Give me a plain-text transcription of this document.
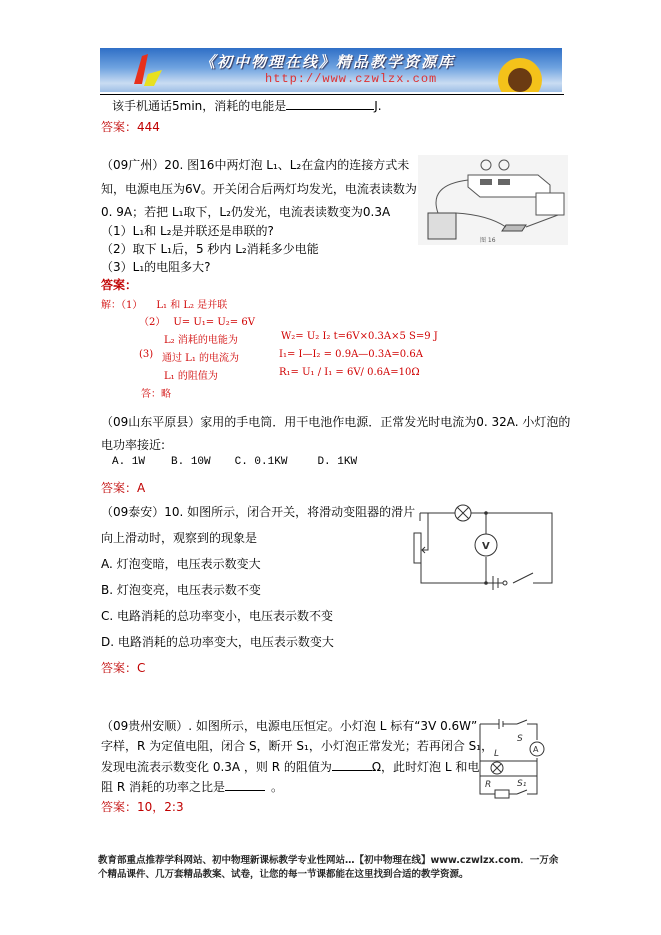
《初中物理在线》精品教学资源库
http://www.czwlzx.com
该手机通话5min，消耗的电能是	J.
答案：444
（09广州）20. 图16中两灯泡 L₁、L₂在盒内的连接方式未
知，电源电压为6V。开关闭合后两灯均发光，电流表读数为
0. 9A；若把 L₁取下，L₂仍发光，电流表读数变为0.3A
（1）L₁和 L₂是并联还是串联的?
（2）取下 L₁后，5 秒内 L₂消耗多少电能
（3）L₁的电阻多大?
答案：
图 16
解：（1） L₁ 和 L₂ 是并联
（2） U= U₁= U₂= 6V
L₂ 消耗的电能为	W₂= U₂ I₂ t=6V×0.3A×5 S=9 J
(3) 通过 L₁ 的电流为	I₁= I—I₂ = 0.9A—0.3A=0.6A
L₁ 的阻值为	R₁= U₁ / I₁ = 6V/ 0.6A=10Ω
答：略
（09山东平原县）家用的手电筒．用干电池作电源．正常发光时电流为0. 32A. 小灯泡的
电功率接近:
A. 1W B. 10W C. 0.1KW	D. 1KW
答案：A
（09泰安）10. 如图所示，闭合开关，将滑动变阻器的滑片
向上滑动时，观察到的现象是
A. 灯泡变暗，电压表示数变大
B. 灯泡变亮，电压表示数不变
C. 电路消耗的总功率变小，电压表示数不变
D. 电路消耗的总功率变大，电压表示数变大
答案：C
V
（09贵州安顺）. 如图所示，电源电压恒定。小灯泡 L 标有“3V 0.6W”
字样，R 为定值电阻，闭合 S，断开 S₁，小灯泡正常发光；若再闭合 S₁，
发现电流表示数变化 0.3A ，则 R 的阻值为	Ω，此时灯泡 L 和电
阻 R 消耗的功率之比是	。
答案：10，2:3
S
A
L
R	S₁
教育部重点推荐学科网站、初中物理新课标教学专业性网站…【初中物理在线】www.czwlzx.com．一万余
个精品课件、几万套精品教案、试卷，让您的每一节课都能在这里找到合适的教学资源。
